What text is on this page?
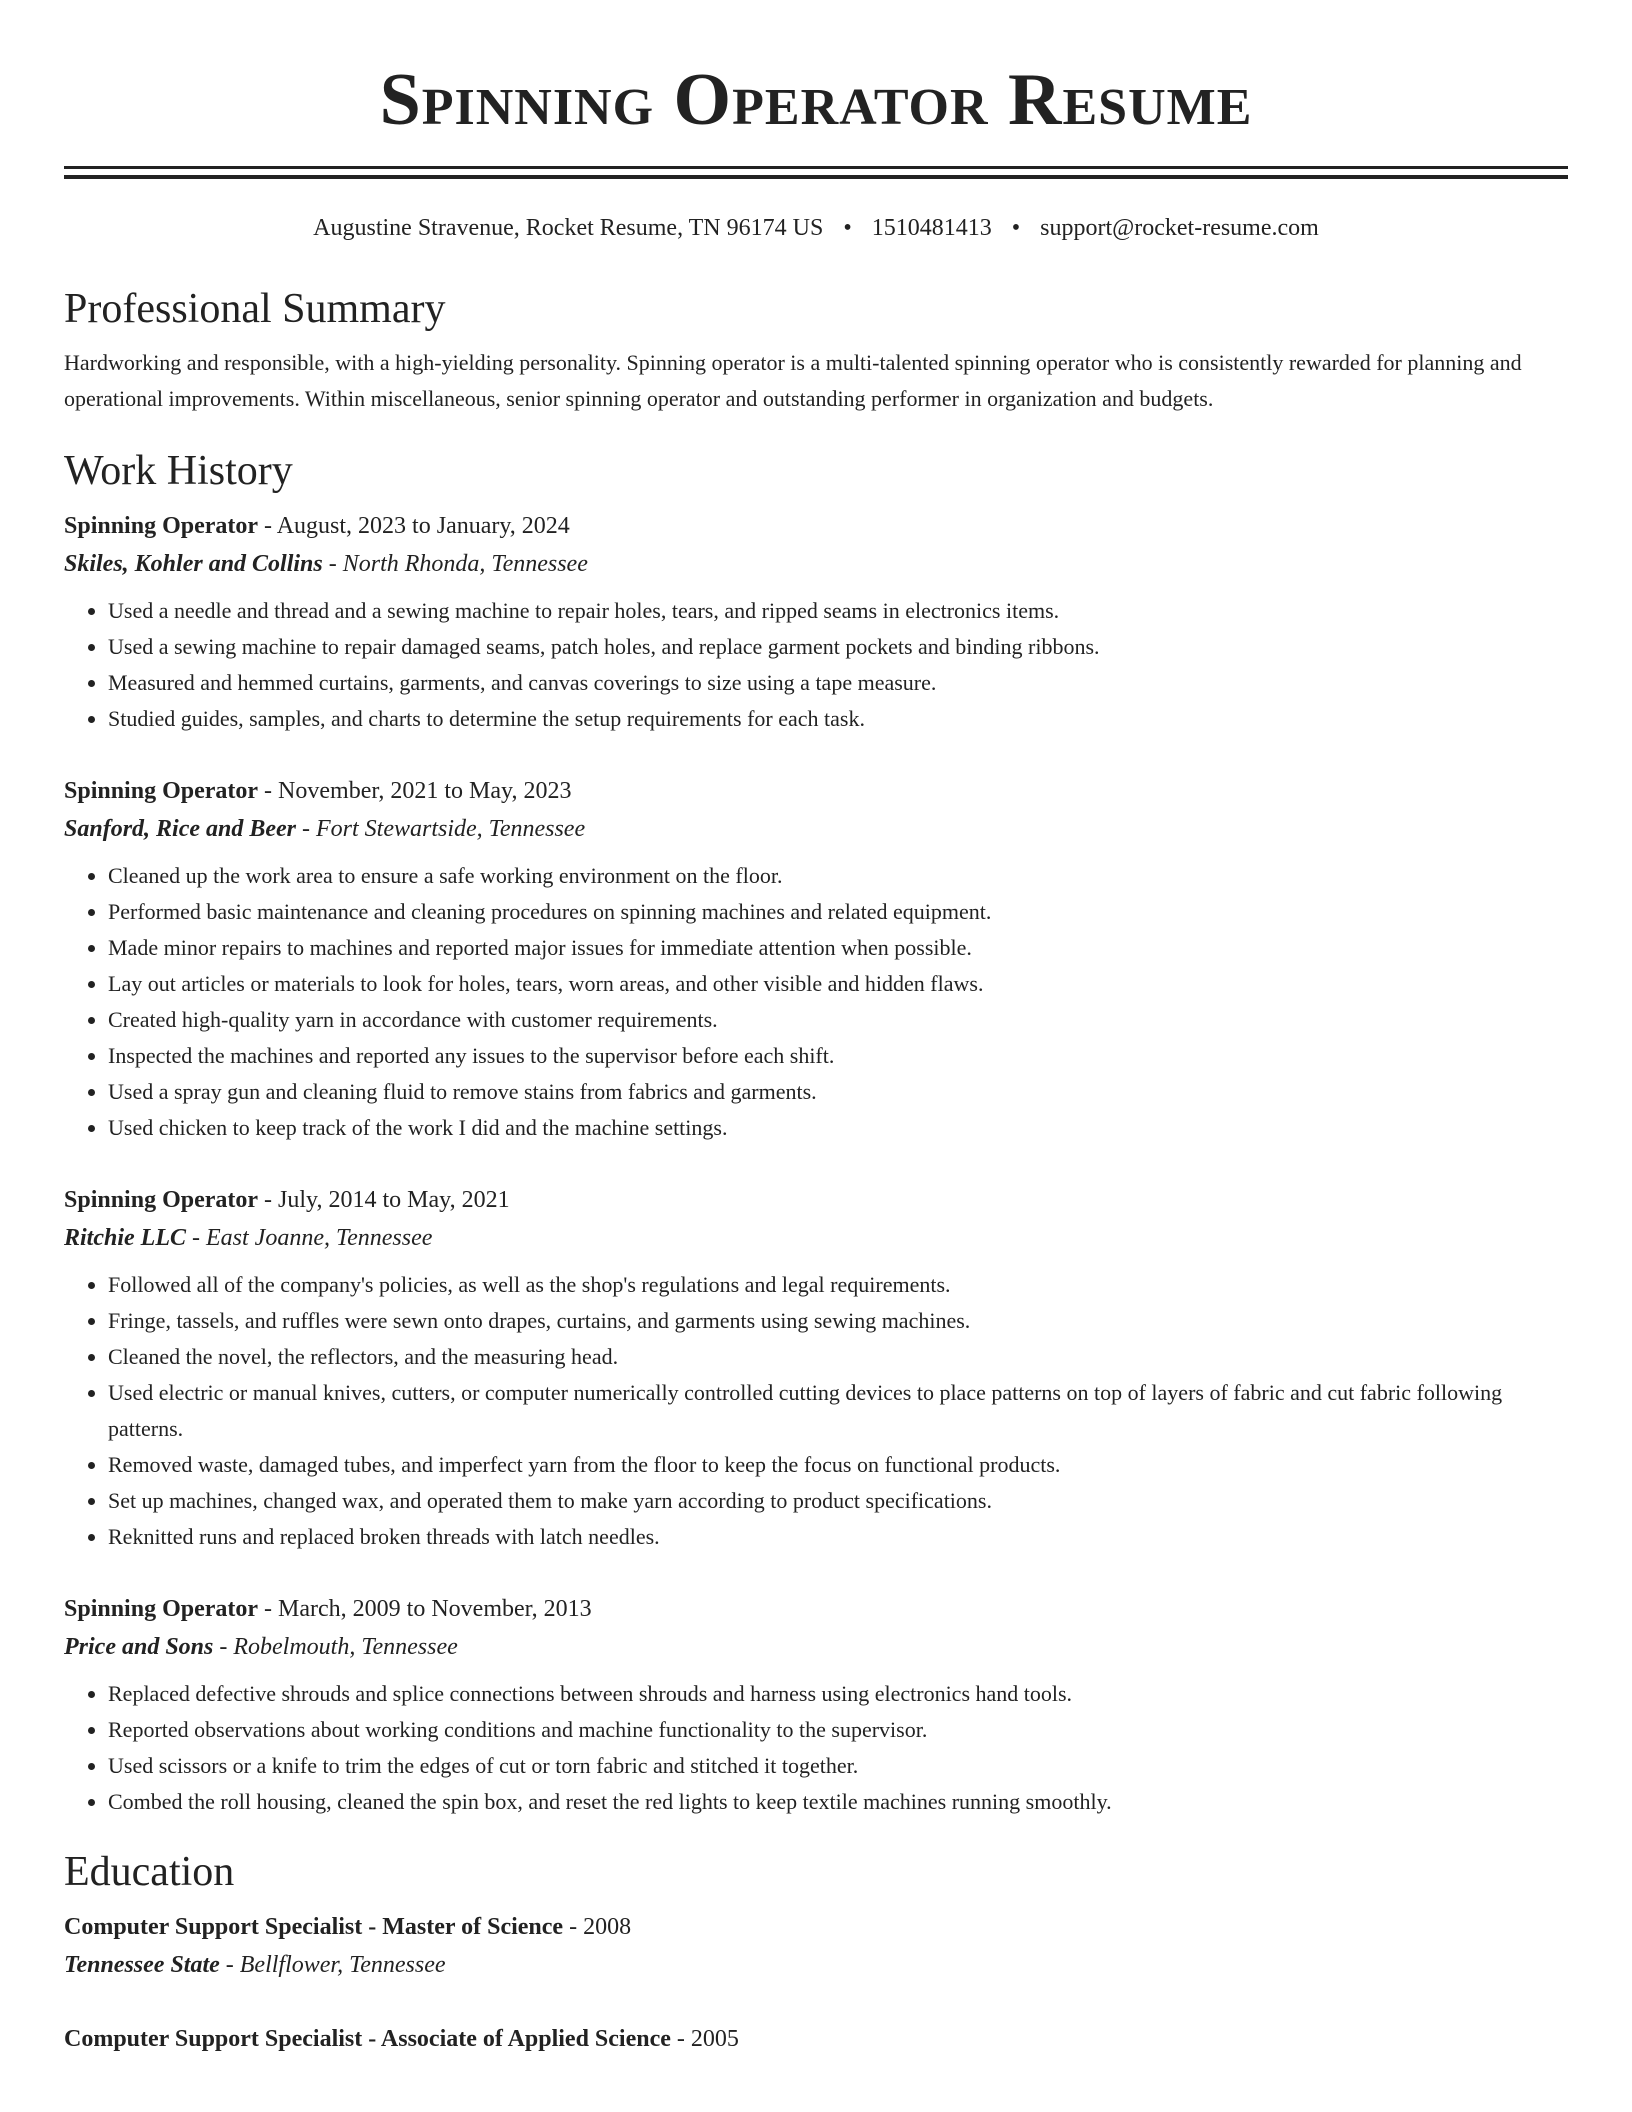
Spinning Operator Resume
Augustine Stravenue, Rocket Resume, TN 96174 US • 1510481413 • support@rocket-resume.com
Professional Summary
Hardworking and responsible, with a high-yielding personality. Spinning operator is a multi-talented spinning operator who is consistently rewarded for planning and operational improvements. Within miscellaneous, senior spinning operator and outstanding performer in organization and budgets.
Work History
Spinning Operator - August, 2023 to January, 2024
Skiles, Kohler and Collins - North Rhonda, Tennessee
• Used a needle and thread and a sewing machine to repair holes, tears, and ripped seams in electronics items.
• Used a sewing machine to repair damaged seams, patch holes, and replace garment pockets and binding ribbons.
• Measured and hemmed curtains, garments, and canvas coverings to size using a tape measure.
• Studied guides, samples, and charts to determine the setup requirements for each task.
Spinning Operator - November, 2021 to May, 2023
Sanford, Rice and Beer - Fort Stewartside, Tennessee
• Cleaned up the work area to ensure a safe working environment on the floor.
• Performed basic maintenance and cleaning procedures on spinning machines and related equipment.
• Made minor repairs to machines and reported major issues for immediate attention when possible.
• Lay out articles or materials to look for holes, tears, worn areas, and other visible and hidden flaws.
• Created high-quality yarn in accordance with customer requirements.
• Inspected the machines and reported any issues to the supervisor before each shift.
• Used a spray gun and cleaning fluid to remove stains from fabrics and garments.
• Used chicken to keep track of the work I did and the machine settings.
Spinning Operator - July, 2014 to May, 2021
Ritchie LLC - East Joanne, Tennessee
• Followed all of the company's policies, as well as the shop's regulations and legal requirements.
• Fringe, tassels, and ruffles were sewn onto drapes, curtains, and garments using sewing machines.
• Cleaned the novel, the reflectors, and the measuring head.
• Used electric or manual knives, cutters, or computer numerically controlled cutting devices to place patterns on top of layers of fabric and cut fabric following patterns.
• Removed waste, damaged tubes, and imperfect yarn from the floor to keep the focus on functional products.
• Set up machines, changed wax, and operated them to make yarn according to product specifications.
• Reknitted runs and replaced broken threads with latch needles.
Spinning Operator - March, 2009 to November, 2013
Price and Sons - Robelmouth, Tennessee
• Replaced defective shrouds and splice connections between shrouds and harness using electronics hand tools.
• Reported observations about working conditions and machine functionality to the supervisor.
• Used scissors or a knife to trim the edges of cut or torn fabric and stitched it together.
• Combed the roll housing, cleaned the spin box, and reset the red lights to keep textile machines running smoothly.
Education
Computer Support Specialist - Master of Science - 2008
Tennessee State - Bellflower, Tennessee
Computer Support Specialist - Associate of Applied Science - 2005
